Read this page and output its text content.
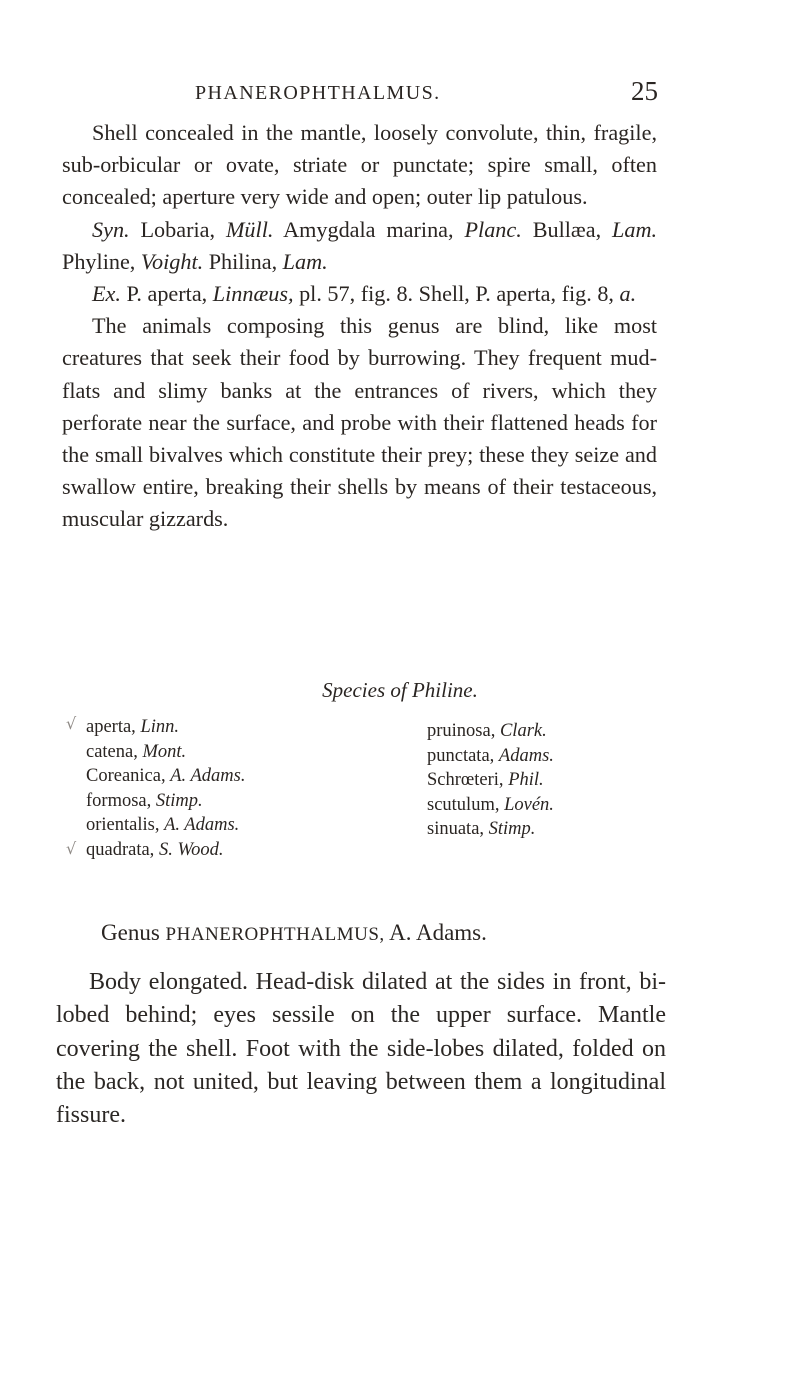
PHANEROPHTHALMUS.	25

Shell concealed in the mantle, loosely convolute, thin, fragile, sub-orbicular or ovate, striate or punctate; spire small, often concealed; aperture very wide and open; outer lip patulous.

Syn. Lobaria, Müll. Amygdala marina, Planc. Bullæa, Lam. Phyline, Voight. Philina, Lam.

Ex. P. aperta, Linnæus, pl. 57, fig. 8. Shell, P. aperta, fig. 8, a.

The animals composing this genus are blind, like most creatures that seek their food by burrowing. They frequent mud-flats and slimy banks at the entrances of rivers, which they perforate near the surface, and probe with their flattened heads for the small bivalves which constitute their prey; these they seize and swallow entire, breaking their shells by means of their testaceous, muscular gizzards.

Species of Philine.
√
√
aperta, Linn.
catena, Mont.
Coreanica, A. Adams.
formosa, Stimp.
orientalis, A. Adams.
quadrata, S. Wood.
pruinosa, Clark.
punctata, Adams.
Schrœteri, Phil.
scutulum, Lovén.
sinuata, Stimp.
Genus PHANEROPHTHALMUS, A. Adams.

Body elongated. Head-disk dilated at the sides in front, bi-lobed behind; eyes sessile on the upper surface. Mantle covering the shell. Foot with the side-lobes dilated, folded on the back, not united, but leaving between them a longitudinal fissure.
